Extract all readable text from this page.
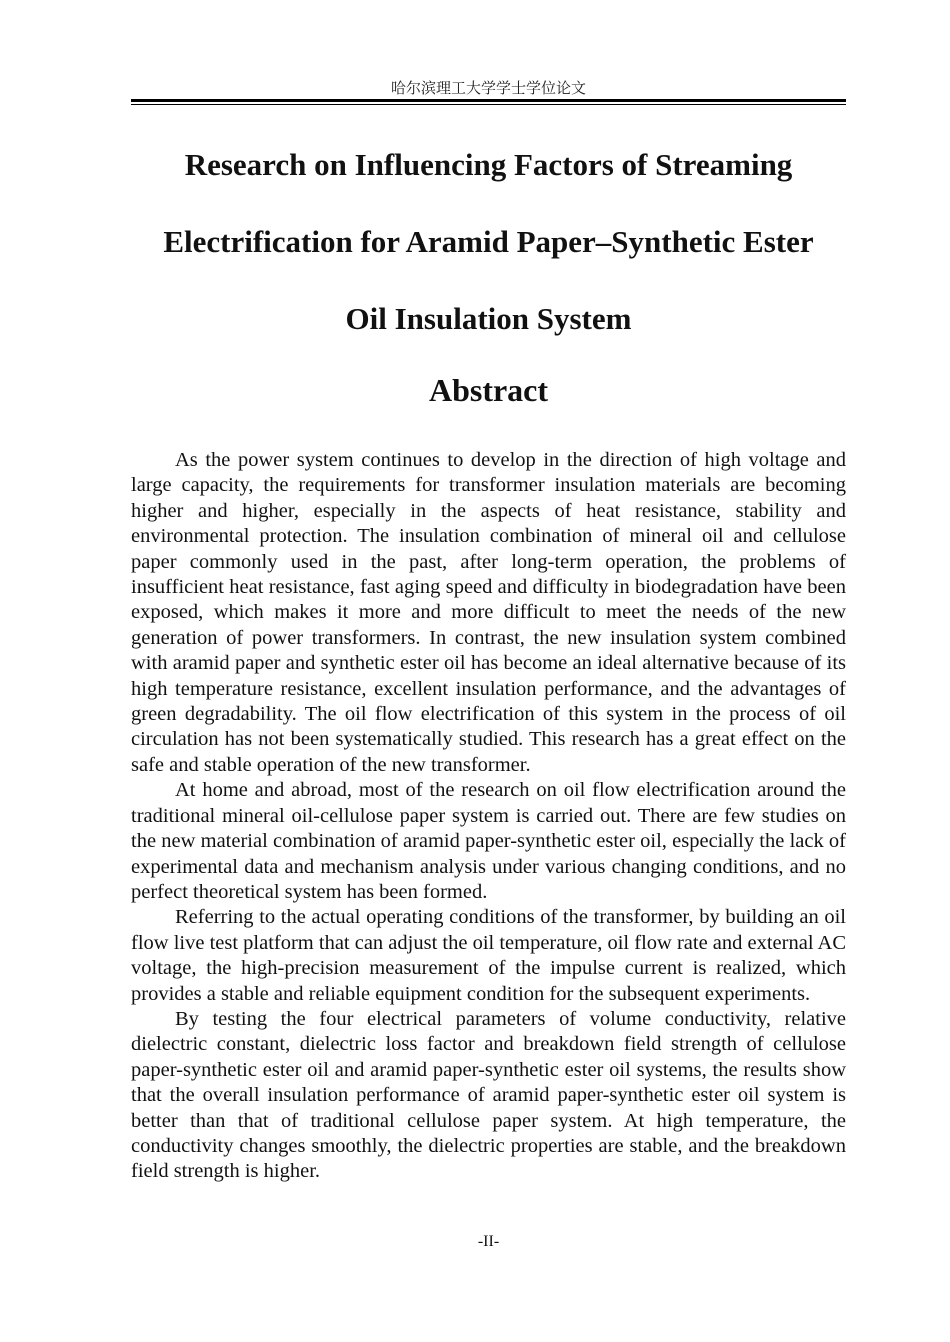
哈尔滨理工大学学士学位论文
Research on Influencing Factors of Streaming
Electrification for Aramid Paper–Synthetic Ester
Oil Insulation System
Abstract

As the power system continues to develop in the direction of high voltage and large capacity, the requirements for transformer insulation materials are becoming higher and higher, especially in the aspects of heat resistance, stability and environmental protection. The insulation combination of mineral oil and cellulose paper commonly used in the past, after long-term operation, the problems of insufficient heat resistance, fast aging speed and difficulty in biodegradation have been exposed, which makes it more and more difficult to meet the needs of the new generation of power transformers. In contrast, the new insulation system combined with aramid paper and synthetic ester oil has become an ideal alternative because of its high temperature resistance, excellent insulation performance, and the advantages of green degradability. The oil flow electrification of this system in the process of oil circulation has not been systematically studied. This research has a great effect on the safe and stable operation of the new transformer.

At home and abroad, most of the research on oil flow electrification around the traditional mineral oil-cellulose paper system is carried out. There are few studies on the new material combination of aramid paper-synthetic ester oil, especially the lack of experimental data and mechanism analysis under various changing conditions, and no perfect theoretical system has been formed.

Referring to the actual operating conditions of the transformer, by building an oil flow live test platform that can adjust the oil temperature, oil flow rate and external AC voltage, the high-precision measurement of the impulse current is realized, which provides a stable and reliable equipment condition for the subsequent experiments.

By testing the four electrical parameters of volume conductivity, relative dielectric constant, dielectric loss factor and breakdown field strength of cellulose paper-synthetic ester oil and aramid paper-synthetic ester oil systems, the results show that the overall insulation performance of aramid paper-synthetic ester oil system is better than that of traditional cellulose paper system. At high temperature, the conductivity changes smoothly, the dielectric properties are stable, and the breakdown field strength is higher.

-II-
